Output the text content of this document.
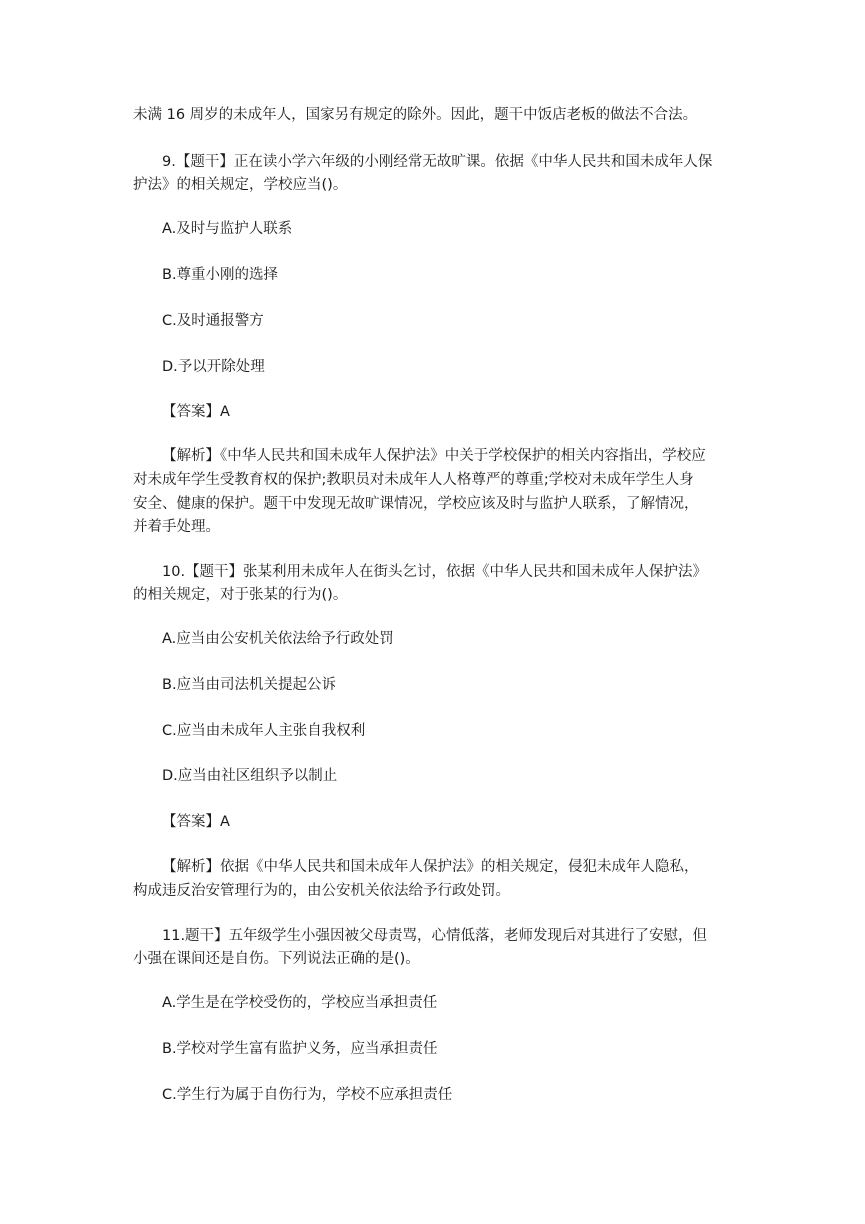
未满 16 周岁的未成年人，国家另有规定的除外。因此，题干中饭店老板的做法不合法。
9.【题干】正在读小学六年级的小刚经常无故旷课。依据《中华人民共和国未成年人保
护法》的相关规定，学校应当()。
A.及时与监护人联系
B.尊重小刚的选择
C.及时通报警方
D.予以开除处理
【答案】A
【解析】《中华人民共和国未成年人保护法》中关于学校保护的相关内容指出，学校应
对未成年学生受教育权的保护;教职员对未成年人人格尊严的尊重;学校对未成年学生人身
安全、健康的保护。题干中发现无故旷课情况，学校应该及时与监护人联系，了解情况，
并着手处理。
10.【题干】张某利用未成年人在街头乞讨，依据《中华人民共和国未成年人保护法》
的相关规定，对于张某的行为()。
A.应当由公安机关依法给予行政处罚
B.应当由司法机关提起公诉
C.应当由未成年人主张自我权利
D.应当由社区组织予以制止
【答案】A
【解析】依据《中华人民共和国未成年人保护法》的相关规定，侵犯未成年人隐私，
构成违反治安管理行为的，由公安机关依法给予行政处罚。
11.题干】五年级学生小强因被父母责骂，心情低落，老师发现后对其进行了安慰，但
小强在课间还是自伤。下列说法正确的是()。
A.学生是在学校受伤的，学校应当承担责任
B.学校对学生富有监护义务，应当承担责任
C.学生行为属于自伤行为，学校不应承担责任
